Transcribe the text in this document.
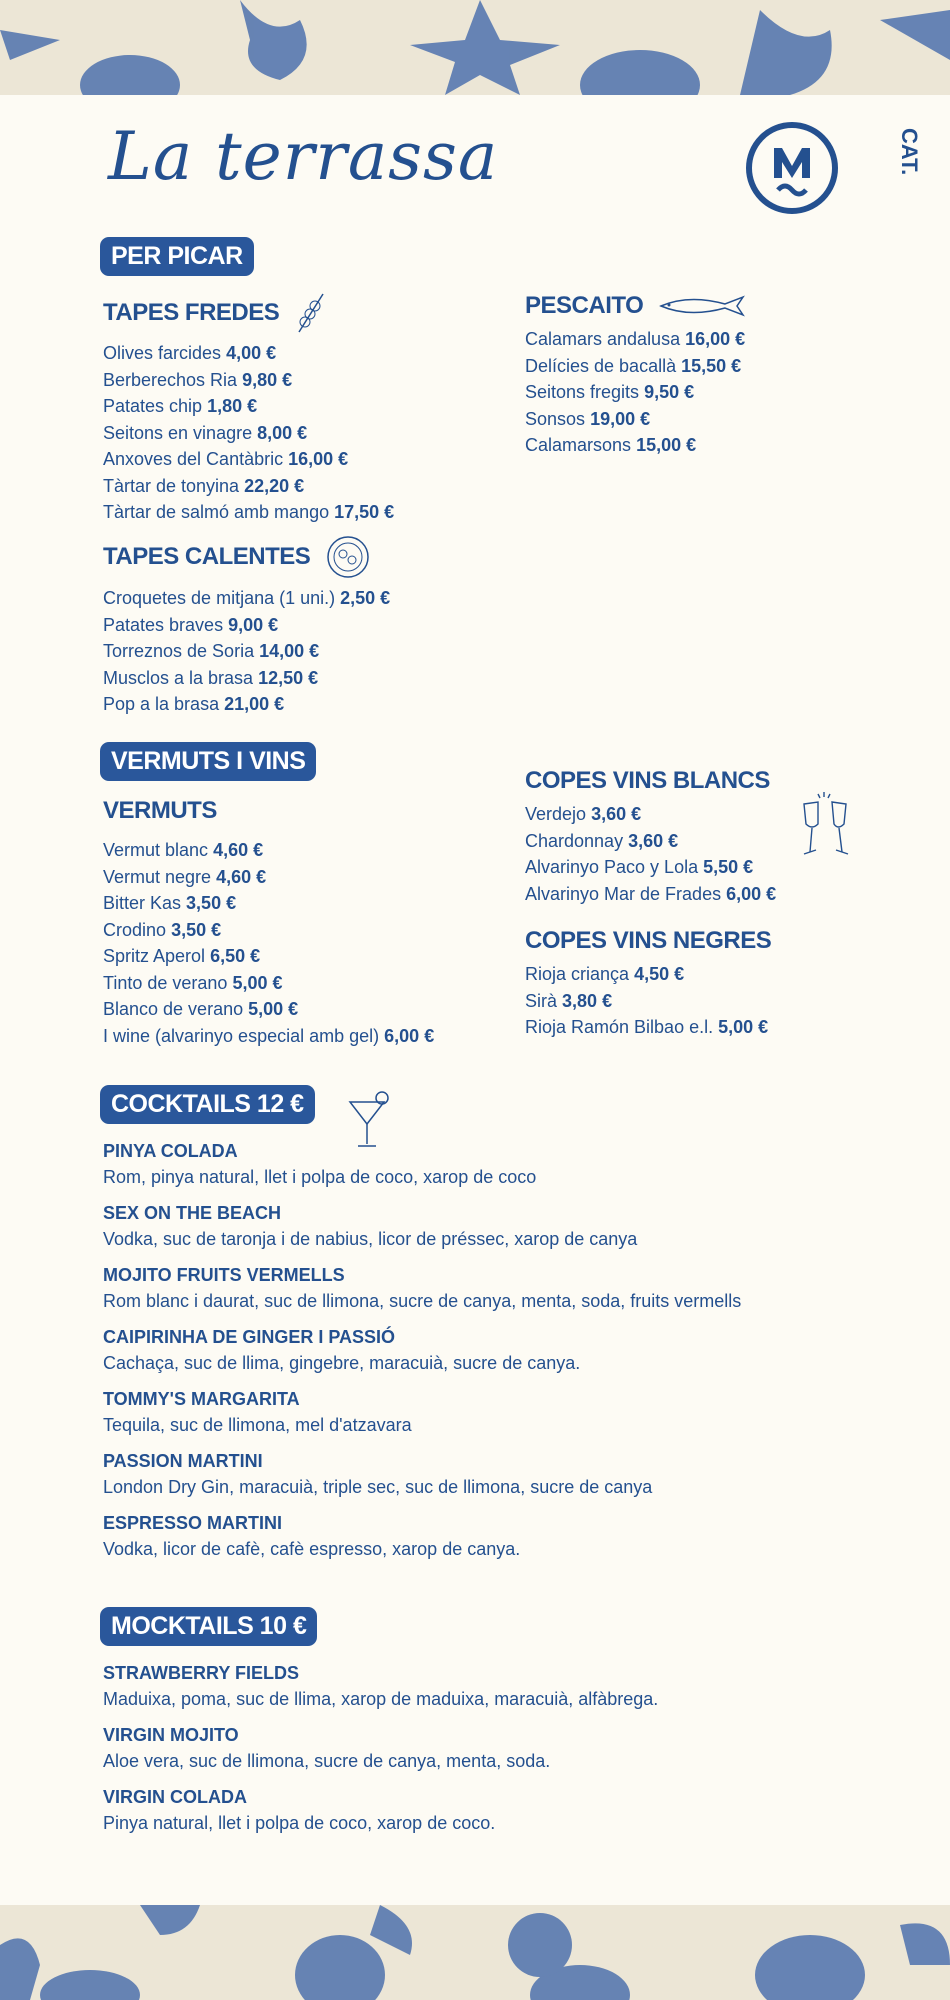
La terrassa	CAT.
PER PICAR
TAPES FREDES
Olives farcides 4,00 €
Berberechos Ria 9,80 €
Patates chip 1,80 €
Seitons en vinagre 8,00 €
Anxoves del Cantàbric 16,00 €
Tàrtar de tonyina 22,20 €
Tàrtar de salmó amb mango 17,50 €
PESCAITO
Calamars andalusa 16,00 €
Delícies de bacallà 15,50 €
Seitons fregits 9,50 €
Sonsos 19,00 €
Calamarsons 15,00 €
TAPES CALENTES
Croquetes de mitjana (1 uni.) 2,50 €
Patates braves 9,00 €
Torreznos de Soria 14,00 €
Musclos a la brasa 12,50 €
Pop a la brasa 21,00 €
VERMUTS I VINS
VERMUTS
Vermut blanc 4,60 €
Vermut negre 4,60 €
Bitter Kas 3,50 €
Crodino 3,50 €
Spritz Aperol 6,50 €
Tinto de verano 5,00 €
Blanco de verano 5,00 €
I wine (alvarinyo especial amb gel) 6,00 €
COPES VINS BLANCS
Verdejo 3,60 €
Chardonnay 3,60 €
Alvarinyo Paco y Lola 5,50 €
Alvarinyo Mar de Frades 6,00 €
COPES VINS NEGRES
Rioja criança 4,50 €
Sirà 3,80 €
Rioja Ramón Bilbao e.l. 5,00 €
COCKTAILS 12 €
PINYA COLADA
Rom, pinya natural, llet i polpa de coco, xarop de coco
SEX ON THE BEACH
Vodka, suc de taronja i de nabius, licor de préssec, xarop de canya
MOJITO FRUITS VERMELLS
Rom blanc i daurat, suc de llimona, sucre de canya, menta, soda, fruits vermells
CAIPIRINHA DE GINGER I PASSIÓ
Cachaça, suc de llima, gingebre, maracuià, sucre de canya.
TOMMY'S MARGARITA
Tequila, suc de llimona, mel d'atzavara
PASSION MARTINI
London Dry Gin, maracuià, triple sec, suc de llimona, sucre de canya
ESPRESSO MARTINI
Vodka, licor de cafè, cafè espresso, xarop de canya.
MOCKTAILS 10 €
STRAWBERRY FIELDS
Maduixa, poma, suc de llima, xarop de maduixa, maracuià, alfàbrega.
VIRGIN MOJITO
Aloe vera, suc de llimona, sucre de canya, menta, soda.
VIRGIN COLADA
Pinya natural, llet i polpa de coco, xarop de coco.
